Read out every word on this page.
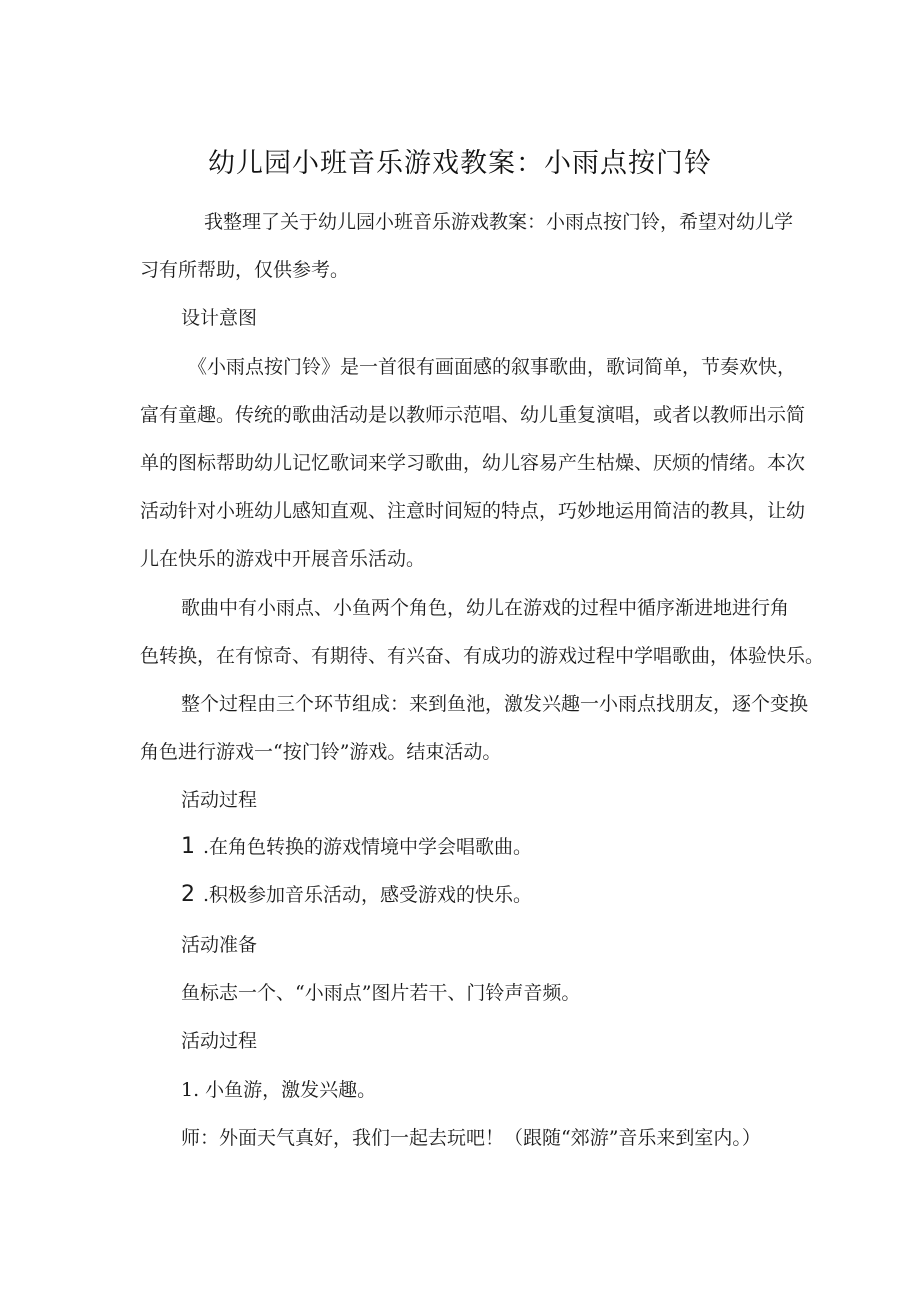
幼儿园小班音乐游戏教案：小雨点按门铃
我整理了关于幼儿园小班音乐游戏教案：小雨点按门铃，希望对幼儿学
习有所帮助，仅供参考。
设计意图
《小雨点按门铃》是一首很有画面感的叙事歌曲，歌词简单，节奏欢快，
富有童趣。传统的歌曲活动是以教师示范唱、幼儿重复演唱，或者以教师出示简
单的图标帮助幼儿记忆歌词来学习歌曲，幼儿容易产生枯燥、厌烦的情绪。本次
活动针对小班幼儿感知直观、注意时间短的特点，巧妙地运用简洁的教具，让幼
儿在快乐的游戏中开展音乐活动。
歌曲中有小雨点、小鱼两个角色，幼儿在游戏的过程中循序渐进地进行角
色转换，在有惊奇、有期待、有兴奋、有成功的游戏过程中学唱歌曲，体验快乐。
整个过程由三个环节组成：来到鱼池，激发兴趣一小雨点找朋友，逐个变换
角色进行游戏一“按门铃”游戏。结束活动。
活动过程
1 .在角色转换的游戏情境中学会唱歌曲。
2 .积极参加音乐活动，感受游戏的快乐。
活动准备
鱼标志一个、“小雨点”图片若干、门铃声音频。
活动过程
1. 小鱼游，激发兴趣。
师：外面天气真好，我们一起去玩吧！（跟随“郊游”音乐来到室内。）
